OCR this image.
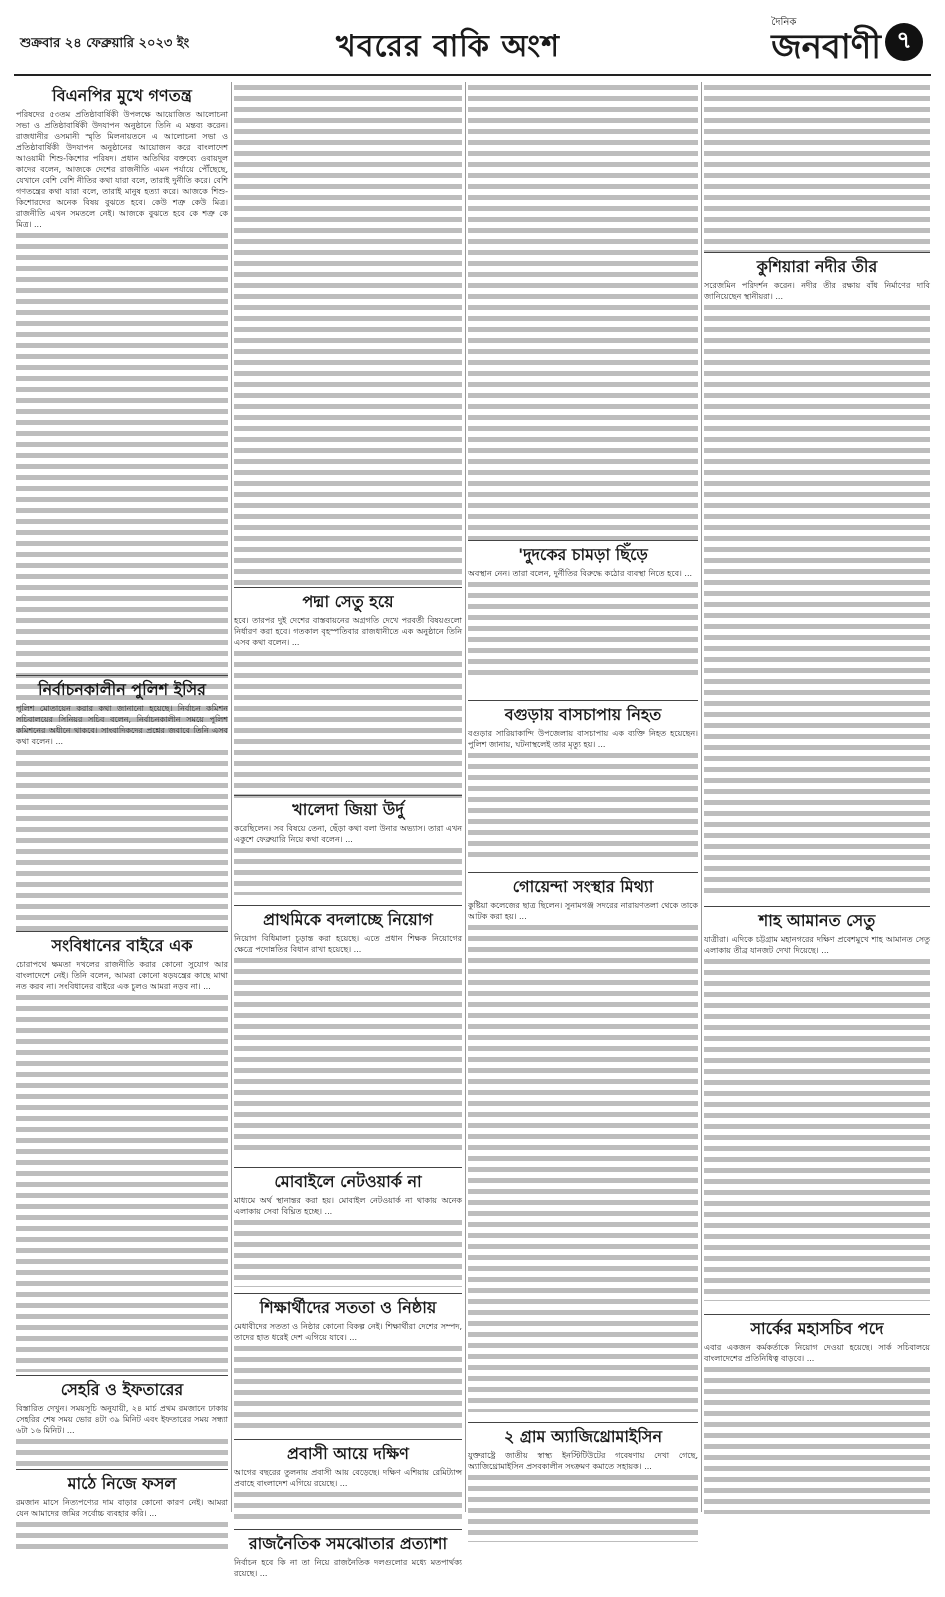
শুক্রবার ২৪ ফেব্রুয়ারি ২০২৩ ইং	খবরের বাকি অংশ
দৈনিক
জনবাণী ৭
বিএনপির মুখে গণতন্ত্র
পরিষদের ৫৩তম প্রতিষ্ঠাবার্ষিকী উপলক্ষে আয়োজিত আলোচনা সভা ও প্রতিষ্ঠাবার্ষিকী উদযাপন অনুষ্ঠানে তিনি এ মন্তব্য করেন। রাজধানীর ওসমানী স্মৃতি মিলনায়তনে এ আলোচনা সভা ও প্রতিষ্ঠাবার্ষিকী উদযাপন অনুষ্ঠানের আয়োজন করে বাংলাদেশ আওয়ামী শিশু-কিশোর পরিষদ। প্রধান অতিথির বক্তব্যে ওবায়দুল কাদের বলেন, আজকে দেশের রাজনীতি এমন পর্যায়ে পৌঁছেছে, যেখানে বেশি বেশি নীতির কথা যারা বলে, তারাই দুর্নীতি করে। বেশি গণতন্ত্রের কথা যারা বলে, তারাই মানুষ হত্যা করে। আজকে শিশু-কিশোরদের অনেক বিষয় বুঝতে হবে। কেউ শত্রু কেউ মিত্র। রাজনীতি এখন সমতলে নেই। আজকে বুঝতে হবে কে শত্রু কে মিত্র। ...
নির্বাচনকালীন পুলিশ ইসির
পুলিশ মোতায়েন করার কথা জানানো হয়েছে। নির্বাচন কমিশন সচিবালয়ের সিনিয়র সচিব বলেন, নির্বাচনকালীন সময়ে পুলিশ কমিশনের অধীনে থাকবে। সাংবাদিকদের প্রশ্নের জবাবে তিনি এসব কথা বলেন। ...
সংবিধানের বাইরে এক
চোরাপথে ক্ষমতা দখলের রাজনীতি করার কোনো সুযোগ আর বাংলাদেশে নেই। তিনি বলেন, আমরা কোনো ষড়যন্ত্রের কাছে মাথা নত করব না। সংবিধানের বাইরে এক চুলও আমরা নড়ব না। ...
সেহরি ও ইফতারের
বিস্তারিত দেখুন। সময়সূচি অনুযায়ী, ২৪ মার্চ প্রথম রমজানে ঢাকায় সেহরির শেষ সময় ভোর ৪টা ৩৯ মিনিট এবং ইফতারের সময় সন্ধ্যা ৬টা ১৬ মিনিট। ...
মাঠে নিজে ফসল
রমজান মাসে নিত্যপণ্যের দাম বাড়ার কোনো কারণ নেই। আমরা যেন আমাদের জমির সর্বোচ্চ ব্যবহার করি। ...
পদ্মা সেতু হয়ে
হবে। তারপর দুই দেশের বাস্তবায়নের অগ্রগতি দেখে পরবর্তী বিষয়গুলো নির্ধারণ করা হবে। গতকাল বৃহস্পতিবার রাজধানীতে এক অনুষ্ঠানে তিনি এসব কথা বলেন। ...
খালেদা জিয়া উর্দু
করেছিলেন। সব বিষয়ে তেনা, ছেঁড়া কথা বলা উনার অভ্যাস। তারা এখন একুশে ফেব্রুয়ারি নিয়ে কথা বলেন। ...
প্রাথমিকে বদলাচ্ছে নিয়োগ
নিয়োগ বিধিমালা চূড়ান্ত করা হয়েছে। এতে প্রধান শিক্ষক নিয়োগের ক্ষেত্রে পদোন্নতির বিধান রাখা হয়েছে। ...
মোবাইলে নেটওয়ার্ক না
মাধ্যমে অর্থ স্থানান্তর করা হয়। মোবাইল নেটওয়ার্ক না থাকায় অনেক এলাকায় সেবা বিঘ্নিত হচ্ছে। ...
শিক্ষার্থীদের সততা ও নিষ্ঠায়
মেধাবীদের সততা ও নিষ্ঠার কোনো বিকল্প নেই। শিক্ষার্থীরা দেশের সম্পদ, তাদের হাত ধরেই দেশ এগিয়ে যাবে। ...
প্রবাসী আয়ে দক্ষিণ
আগের বছরের তুলনায় প্রবাসী আয় বেড়েছে। দক্ষিণ এশিয়ায় রেমিট্যান্স প্রবাহে বাংলাদেশ এগিয়ে রয়েছে। ...
রাজনৈতিক সমঝোতার প্রত্যাশা
নির্বাচন হবে কি না তা নিয়ে রাজনৈতিক দলগুলোর মধ্যে মতপার্থক্য রয়েছে। ...
'দুদকের চামড়া ছিঁড়ে
অবস্থান নেন। তারা বলেন, দুর্নীতির বিরুদ্ধে কঠোর ব্যবস্থা নিতে হবে। ...
বগুড়ায় বাসচাপায় নিহত
বগুড়ার সারিয়াকান্দি উপজেলায় বাসচাপায় এক ব্যক্তি নিহত হয়েছেন। পুলিশ জানায়, ঘটনাস্থলেই তার মৃত্যু হয়। ...
গোয়েন্দা সংস্থার মিথ্যা
কুষ্টিয়া কলেজের ছাত্র ছিলেন। সুনামগঞ্জ সদরের নারায়ণতলা থেকে তাকে আটক করা হয়। ...
২ গ্রাম অ্যাজিথ্রোমাইসিন
যুক্তরাষ্ট্রে জাতীয় স্বাস্থ্য ইনস্টিটিউটের গবেষণায় দেখা গেছে, অ্যাজিথ্রোমাইসিন প্রসবকালীন সংক্রমণ কমাতে সহায়ক। ...
কুশিয়ারা নদীর তীর
সরেজমিন পরিদর্শন করেন। নদীর তীর রক্ষায় বাঁধ নির্মাণের দাবি জানিয়েছেন স্থানীয়রা। ...
শাহ আমানত সেতু
যাত্রীরা। এদিকে চট্টগ্রাম মহানগরের দক্ষিণ প্রবেশমুখে শাহ আমানত সেতু এলাকায় তীব্র যানজট দেখা দিয়েছে। ...
সার্কের মহাসচিব পদে
এবার একজন কর্মকর্তাকে নিয়োগ দেওয়া হয়েছে। সার্ক সচিবালয়ে বাংলাদেশের প্রতিনিধিত্ব বাড়বে। ...
